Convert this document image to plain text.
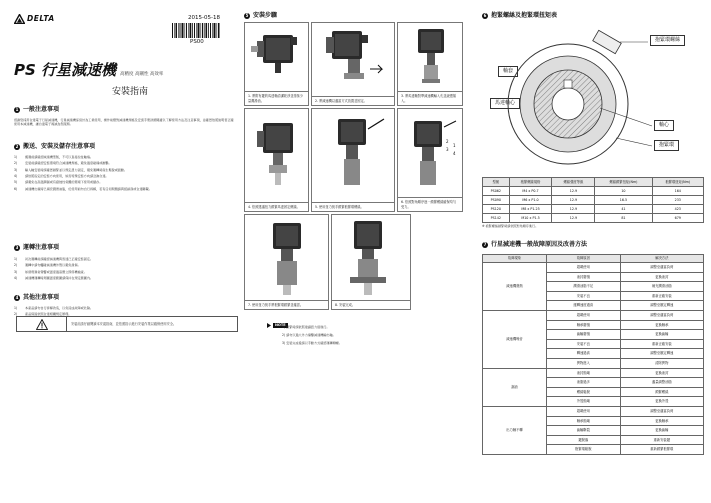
DELTA	2015-05-18
PS00
PS 行星減速機 高精度 高剛性 高效率
安裝指南
1 一般注意事項
感謝您採用台達電子行星減速機，行星減速機係設計為工業使用，操作前應對減速機規格及安裝手冊詳細閱讀以了解使用方法及注意事項，並確實依照說明書正確使用本減速機，讓台達電子竭誠為您服務。
2 搬送、安裝及儲存注意事項
1)	搬運前請確認減速機型號，不可以直接拉扯軸端。
2)	安裝前請確認安裝環境符合減速機規格，避免過度碰撞或衝擊。
3)	輸入軸安裝時請確實鎖緊並以規定扭力固定，避免運轉時產生鬆脫或振動。
4)	請依照指定的安裝方向使用，如需特殊安裝方向請洽詢台達。
5)	請避免在高溫潮濕或有腐蝕性氣體的環境下使用或儲存。
6)	減速機出廠時已填充潤滑油脂，於使用前勿自行拆解，若有任何問題請與經銷商或台達聯繫。
3 運轉注意事項
1)	初次運轉前請確認減速機與馬達已正確安裝固定。
2)	運轉中請勿觸碰減速機外殼以避免燙傷。
3)	如發現異常聲響或溫度過高應立即停機檢查。
4)	減速機運轉時周圍溫度範圍請保持在規定範圍內。
4 其他注意事項
1)	本產品請勿自行拆解改造，以免造成故障或危險。
2)	產品保固依照台達相關規定辦理。
安裝前請仔細閱讀本安裝指南，並依照指示進行安裝作業以確保使用安全。
5 安裝步驟
1. 將附有鍵的馬達軸清潔乾淨並塗抹少量潤滑油。	2. 將減速機以適當方式放置並固定。
3. 將馬達軸對準減速機輸入孔並緩慢插入。
4. 依照建議扭力鎖緊馬達固定螺絲。	5. 使用扭力扳手鎖緊抱緊環螺絲。
2
1
3
4
6. 依照對角順序逐一鎖緊螺絲確保均勻受力。
7. 使用扭力扳手將抱緊環鎖緊並確認。	8. 安裝完成。
NOTE
1) 鎖緊時請依照建議扭力值進行。
2) 請勿以過大外力撞擊減速機輸出軸。
3) 安裝完成後請以手動方式確認運轉順暢。
6 抱緊螺絲及抱緊環扭矩表
抱緊環螺絲
軸套
馬達軸心
軸心
抱緊環
型號	抱緊螺絲規格	螺絲強度等級	螺絲鎖緊扭矩(Nm)	抱緊環扭矩(Nm)
PS062	M4 x P0.7	12.9	10	164
PS090	M6 x P1.0	12.9	16.5	233
PS120	M8 x P1.25	12.9	41	423
PS142	M10 x P1.5	12.9	81	679
※ 抱緊螺絲鎖緊時請依照對角順序進行。
7 行星減速機一般故障原因及改善方法
故障現象	故障原因	解決方法
減速機發熱	超載使用	調整至適當負荷
	油封磨損	更換油封
	潤滑油脂不足	補充潤滑油脂
	安裝不良	重新正確安裝
	運轉速度過高	調整至額定轉速
減速機噪音	超載使用	調整至適當負荷
	軸承磨損	更換軸承
	齒輪磨損	更換齒輪
	安裝不良	重新正確安裝
	轉速過高	調整至額定轉速
	異物進入	清除異物
漏油	油封損壞	更換油封
	油脂過多	適量調整油脂
	螺絲鬆脫	鎖緊螺絲
	外殼損壞	更換外殼
出力軸不轉	超載使用	調整至適當負荷
	軸承損壞	更換軸承
	齒輪斷裂	更換齒輪
	鍵脫落	重新安裝鍵
	抱緊環鬆脫	重新鎖緊抱緊環
